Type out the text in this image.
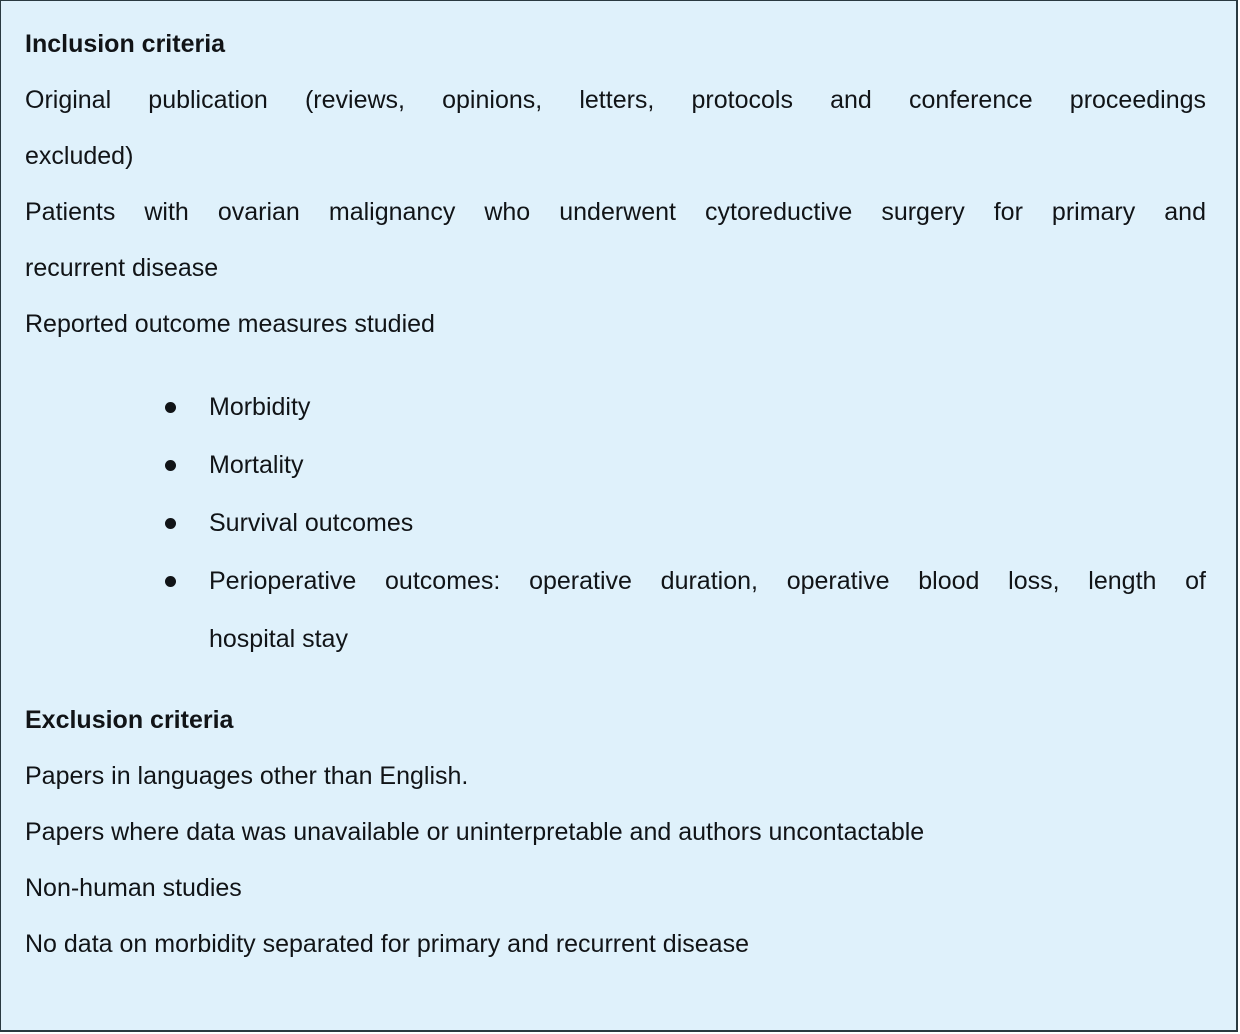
Inclusion criteria
Original publication (reviews, opinions, letters, protocols and conference proceedings
excluded)
Patients with ovarian malignancy who underwent cytoreductive surgery for primary and
recurrent disease
Reported outcome measures studied
Morbidity
Mortality
Survival outcomes
Perioperative outcomes: operative duration, operative blood loss, length of
hospital stay
Exclusion criteria
Papers in languages other than English.
Papers where data was unavailable or uninterpretable and authors uncontactable
Non-human studies
No data on morbidity separated for primary and recurrent disease
